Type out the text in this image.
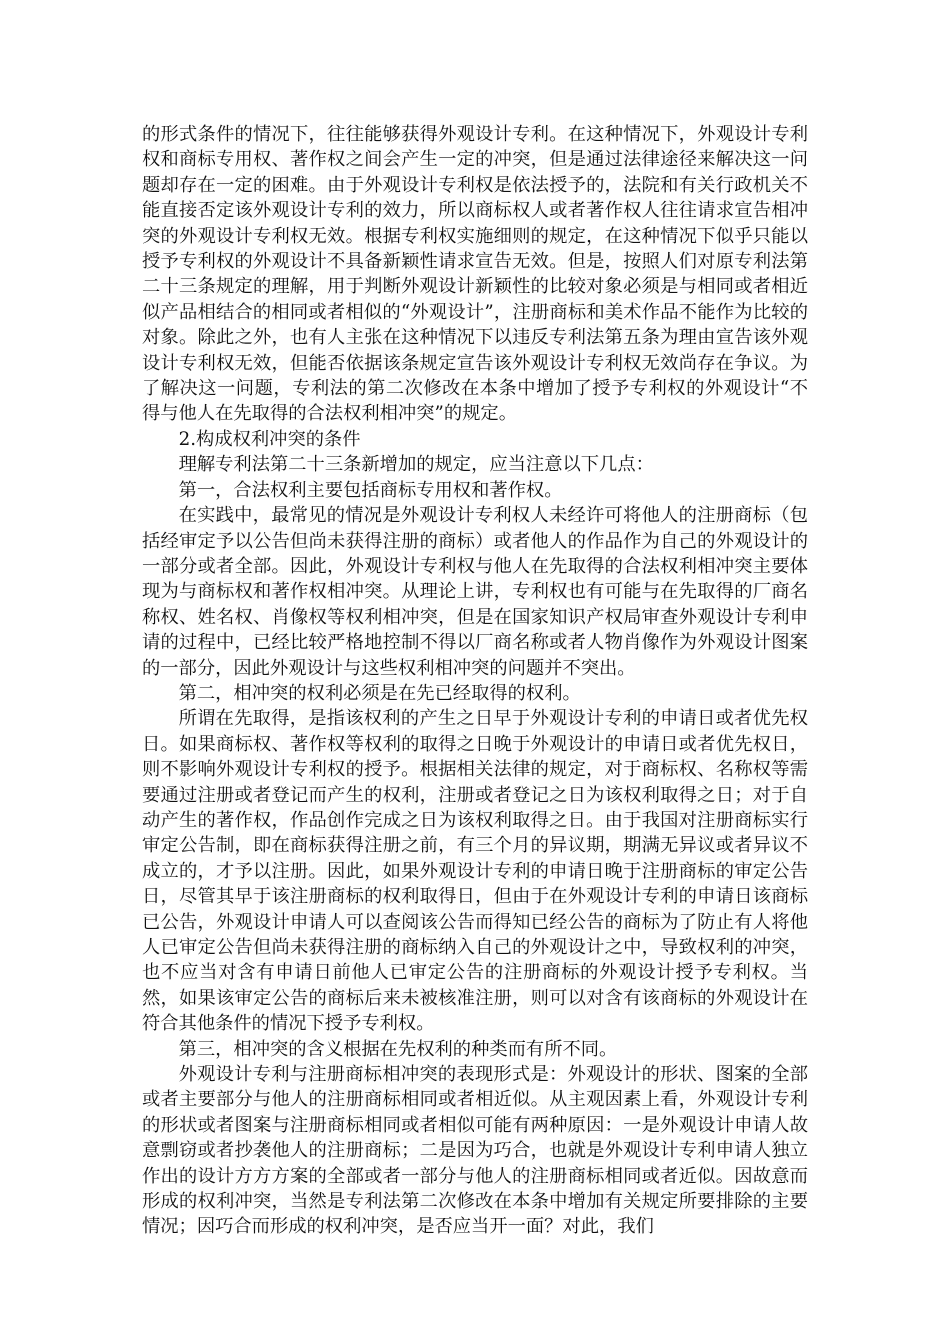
的形式条件的情况下，往往能够获得外观设计专利。在这种情况下，外观设计专利权和商标专用权、著作权之间会产生一定的冲突，但是通过法律途径来解决这一问题却存在一定的困难。由于外观设计专利权是依法授予的，法院和有关行政机关不能直接否定该外观设计专利的效力，所以商标权人或者著作权人往往请求宣告相冲突的外观设计专利权无效。根据专利权实施细则的规定，在这种情况下似乎只能以授予专利权的外观设计不具备新颖性请求宣告无效。但是，按照人们对原专利法第二十三条规定的理解，用于判断外观设计新颖性的比较对象必须是与相同或者相近似产品相结合的相同或者相似的“外观设计”，注册商标和美术作品不能作为比较的对象。除此之外，也有人主张在这种情况下以违反专利法第五条为理由宣告该外观设计专利权无效，但能否依据该条规定宣告该外观设计专利权无效尚存在争议。为了解决这一问题，专利法的第二次修改在本条中增加了授予专利权的外观设计“不得与他人在先取得的合法权利相冲突”的规定。

2.构成权利冲突的条件

理解专利法第二十三条新增加的规定，应当注意以下几点：

第一，合法权利主要包括商标专用权和著作权。

在实践中，最常见的情况是外观设计专利权人未经许可将他人的注册商标（包括经审定予以公告但尚未获得注册的商标）或者他人的作品作为自己的外观设计的一部分或者全部。因此，外观设计专利权与他人在先取得的合法权利相冲突主要体现为与商标权和著作权相冲突。从理论上讲，专利权也有可能与在先取得的厂商名称权、姓名权、肖像权等权利相冲突，但是在国家知识产权局审查外观设计专利申请的过程中，已经比较严格地控制不得以厂商名称或者人物肖像作为外观设计图案的一部分，因此外观设计与这些权利相冲突的问题并不突出。

第二，相冲突的权利必须是在先已经取得的权利。

所谓在先取得，是指该权利的产生之日早于外观设计专利的申请日或者优先权日。如果商标权、著作权等权利的取得之日晚于外观设计的申请日或者优先权日，则不影响外观设计专利权的授予。根据相关法律的规定，对于商标权、名称权等需要通过注册或者登记而产生的权利，注册或者登记之日为该权利取得之日；对于自动产生的著作权，作品创作完成之日为该权利取得之日。由于我国对注册商标实行审定公告制，即在商标获得注册之前，有三个月的异议期，期满无异议或者异议不成立的，才予以注册。因此，如果外观设计专利的申请日晚于注册商标的审定公告日，尽管其早于该注册商标的权利取得日，但由于在外观设计专利的申请日该商标已公告，外观设计申请人可以查阅该公告而得知已经公告的商标为了防止有人将他人已审定公告但尚未获得注册的商标纳入自己的外观设计之中，导致权利的冲突，也不应当对含有申请日前他人已审定公告的注册商标的外观设计授予专利权。当然，如果该审定公告的商标后来未被核准注册，则可以对含有该商标的外观设计在符合其他条件的情况下授予专利权。

第三，相冲突的含义根据在先权利的种类而有所不同。

外观设计专利与注册商标相冲突的表现形式是：外观设计的形状、图案的全部或者主要部分与他人的注册商标相同或者相近似。从主观因素上看，外观设计专利的形状或者图案与注册商标相同或者相似可能有两种原因：一是外观设计申请人故意剽窃或者抄袭他人的注册商标；二是因为巧合，也就是外观设计专利申请人独立作出的设计方方方案的全部或者一部分与他人的注册商标相同或者近似。因故意而形成的权利冲突，当然是专利法第二次修改在本条中增加有关规定所要排除的主要情况；因巧合而形成的权利冲突，是否应当开一面？对此，我们
